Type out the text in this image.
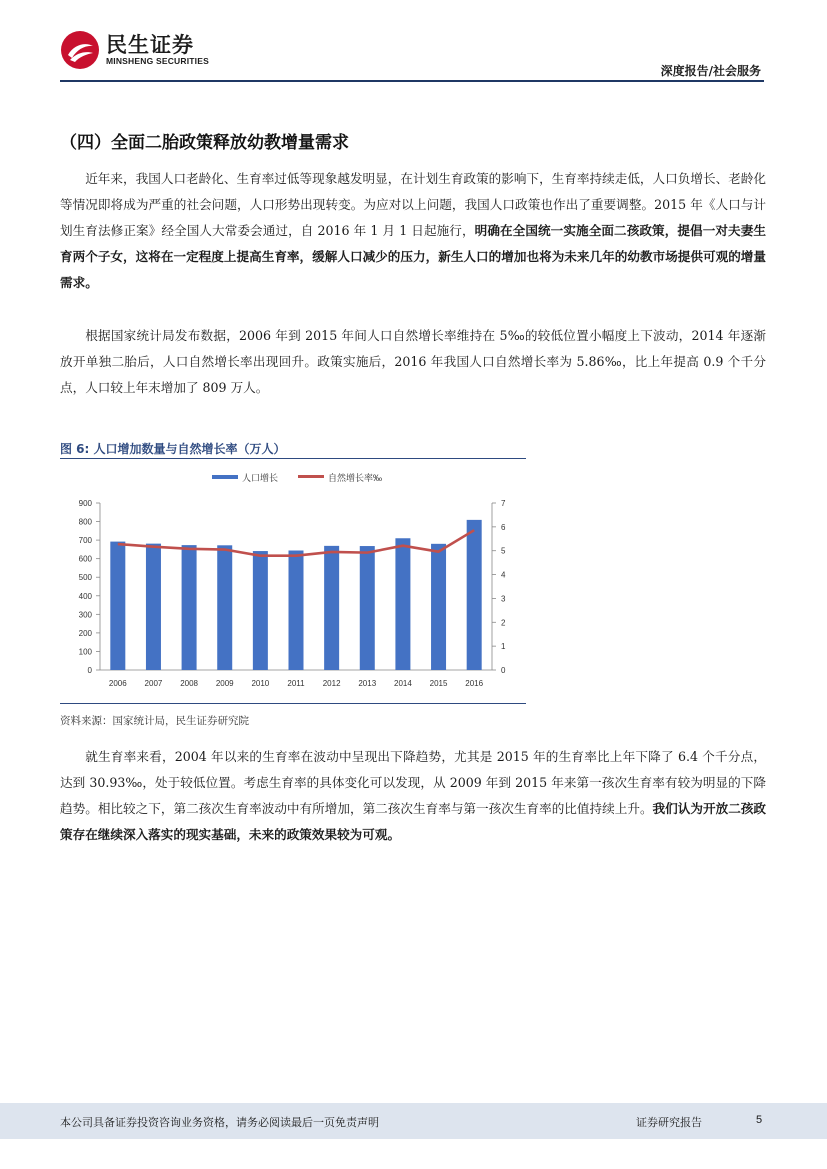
民生证券
MINSHENG SECURITIES
深度报告/社会服务
（四）全面二胎政策释放幼教增量需求

近年来，我国人口老龄化、生育率过低等现象越发明显，在计划生育政策的影响下，生育率持续走低，人口负增长、老龄化等情况即将成为严重的社会问题，人口形势出现转变。为应对以上问题，我国人口政策也作出了重要调整。2015 年《人口与计划生育法修正案》经全国人大常委会通过，自 2016 年 1 月 1 日起施行，明确在全国统一实施全面二孩政策，提倡一对夫妻生育两个子女，这将在一定程度上提高生育率，缓解人口减少的压力，新生人口的增加也将为未来几年的幼教市场提供可观的增量需求。

根据国家统计局发布数据，2006 年到 2015 年间人口自然增长率维持在 5‰的较低位置小幅度上下波动，2014 年逐渐放开单独二胎后，人口自然增长率出现回升。政策实施后，2016 年我国人口自然增长率为 5.86‰，比上年提高 0.9 个千分点，人口较上年末增加了 809 万人。

图 6: 人口增加数量与自然增长率（万人）
人口增长	自然增长率‰
0
100
200
300
400
500
600
700
800
900
0
1
2
3
4
5
6
7
2006 2007 2008 2009 2010 2011 2012 2013 2014 2015 2016
资料来源：国家统计局，民生证券研究院

就生育率来看，2004 年以来的生育率在波动中呈现出下降趋势，尤其是 2015 年的生育率比上年下降了 6.4 个千分点，达到 30.93‰，处于较低位置。考虑生育率的具体变化可以发现，从 2009 年到 2015 年来第一孩次生育率有较为明显的下降趋势。相比较之下，第二孩次生育率波动中有所增加，第二孩次生育率与第一孩次生育率的比值持续上升。我们认为开放二孩政策存在继续深入落实的现实基础，未来的政策效果较为可观。

本公司具备证券投资咨询业务资格，请务必阅读最后一页免责声明	证券研究报告	5
